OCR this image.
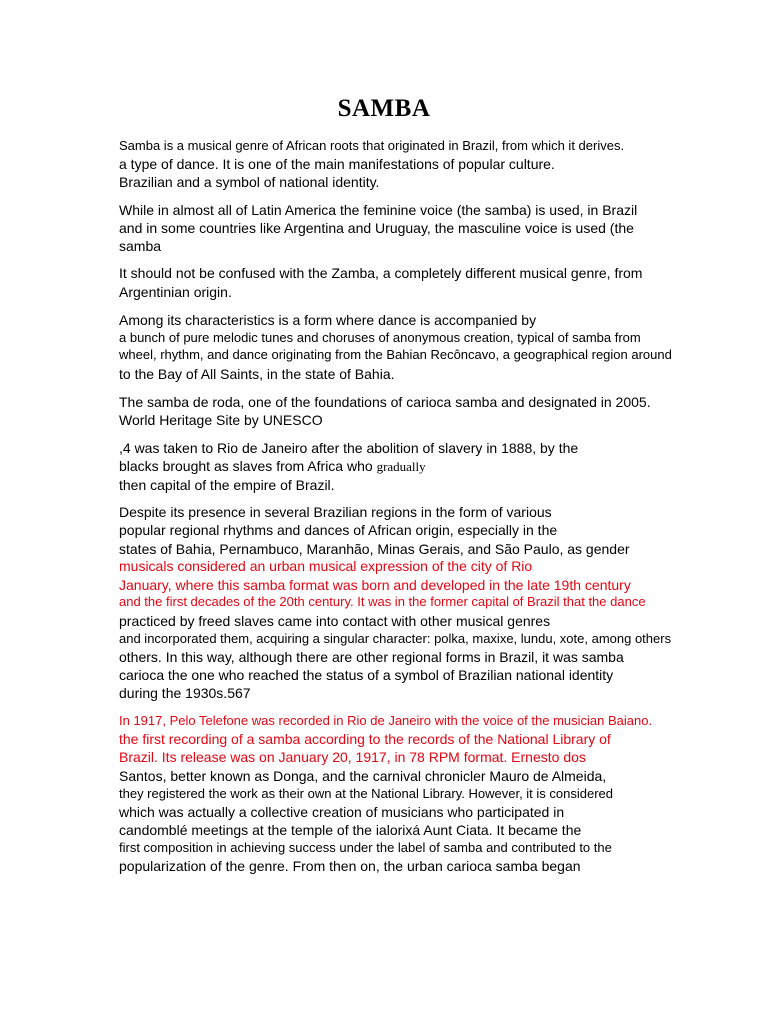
SAMBA
Samba is a musical genre of African roots that originated in Brazil, from which it derives.
a type of dance. It is one of the main manifestations of popular culture.
Brazilian and a symbol of national identity.
While in almost all of Latin America the feminine voice (the samba) is used, in Brazil
and in some countries like Argentina and Uruguay, the masculine voice is used (the
samba
It should not be confused with the Zamba, a completely different musical genre, from
Argentinian origin.
Among its characteristics is a form where dance is accompanied by
a bunch of pure melodic tunes and choruses of anonymous creation, typical of samba from
wheel, rhythm, and dance originating from the Bahian Recôncavo, a geographical region around
to the Bay of All Saints, in the state of Bahia.
The samba de roda, one of the foundations of carioca samba and designated in 2005.
World Heritage Site by UNESCO
,4 was taken to Rio de Janeiro after the abolition of slavery in 1888, by the
blacks brought as slaves from Africa who gradually
then capital of the empire of Brazil.
Despite its presence in several Brazilian regions in the form of various
popular regional rhythms and dances of African origin, especially in the
states of Bahia, Pernambuco, Maranhão, Minas Gerais, and São Paulo, as gender
musicals considered an urban musical expression of the city of Rio
January, where this samba format was born and developed in the late 19th century
and the first decades of the 20th century. It was in the former capital of Brazil that the dance
practiced by freed slaves came into contact with other musical genres
and incorporated them, acquiring a singular character: polka, maxixe, lundu, xote, among others
others. In this way, although there are other regional forms in Brazil, it was samba
carioca the one who reached the status of a symbol of Brazilian national identity
during the 1930s.567
In 1917, Pelo Telefone was recorded in Rio de Janeiro with the voice of the musician Baiano.
the first recording of a samba according to the records of the National Library of
Brazil. Its release was on January 20, 1917, in 78 RPM format. Ernesto dos
Santos, better known as Donga, and the carnival chronicler Mauro de Almeida,
they registered the work as their own at the National Library. However, it is considered
which was actually a collective creation of musicians who participated in
candomblé meetings at the temple of the ialorixá Aunt Ciata. It became the
first composition in achieving success under the label of samba and contributed to the
popularization of the genre. From then on, the urban carioca samba began
